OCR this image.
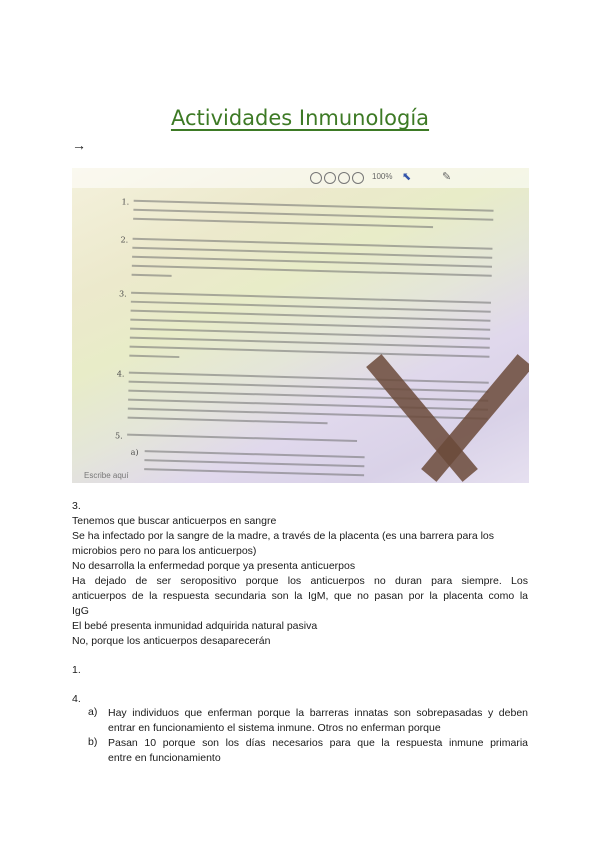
Actividades Inmunología
→
100% ⬉	✎
1.
2.
3.
4.
5.
a)
Escribe aquí
3.
Tenemos que buscar anticuerpos en sangre
Se ha infectado por la sangre de la madre, a través de la placenta (es una barrera para los
microbios pero no para los anticuerpos)
No desarrolla la enfermedad porque ya presenta anticuerpos
Ha dejado de ser seropositivo porque los anticuerpos no duran para siempre. Los
anticuerpos de la respuesta secundaria son la IgM, que no pasan por la placenta como la
IgG
El bebé presenta inmunidad adquirida natural pasiva
No, porque los anticuerpos desaparecerán
1.
4.
a) Hay individuos que enferman porque la barreras innatas son sobrepasadas y deben
entrar en funcionamiento el sistema inmune. Otros no enferman porque
b) Pasan 10 porque son los días necesarios para que la respuesta inmune primaria
entre en funcionamiento
